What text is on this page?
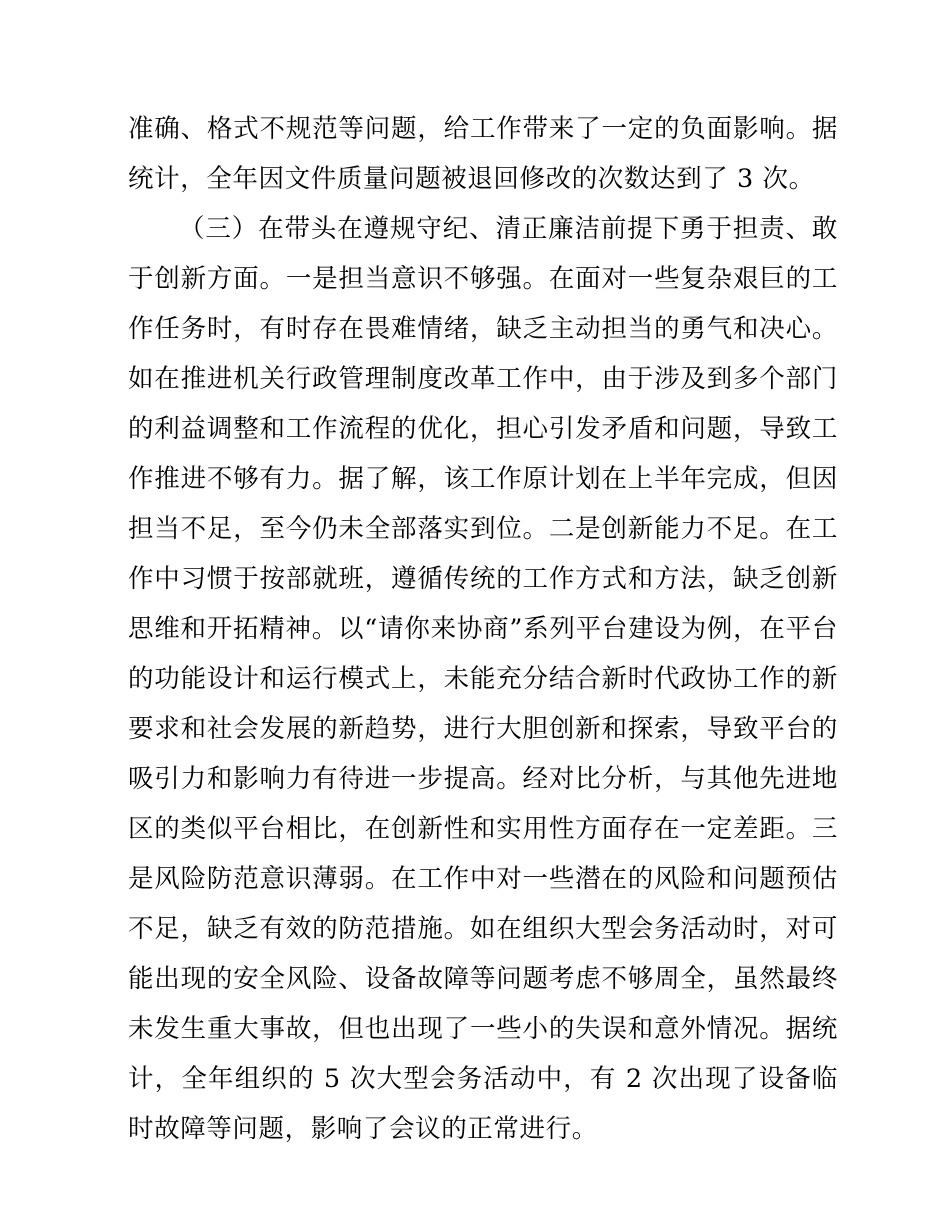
准确、格式不规范等问题，给工作带来了一定的负面影响。据统计，全年因文件质量问题被退回修改的次数达到了 3 次。

（三）在带头在遵规守纪、清正廉洁前提下勇于担责、敢于创新方面。一是担当意识不够强。在面对一些复杂艰巨的工作任务时，有时存在畏难情绪，缺乏主动担当的勇气和决心。如在推进机关行政管理制度改革工作中，由于涉及到多个部门的利益调整和工作流程的优化，担心引发矛盾和问题，导致工作推进不够有力。据了解，该工作原计划在上半年完成，但因担当不足，至今仍未全部落实到位。二是创新能力不足。在工作中习惯于按部就班，遵循传统的工作方式和方法，缺乏创新思维和开拓精神。以“请你来协商”系列平台建设为例，在平台的功能设计和运行模式上，未能充分结合新时代政协工作的新要求和社会发展的新趋势，进行大胆创新和探索，导致平台的吸引力和影响力有待进一步提高。经对比分析，与其他先进地区的类似平台相比，在创新性和实用性方面存在一定差距。三是风险防范意识薄弱。在工作中对一些潜在的风险和问题预估不足，缺乏有效的防范措施。如在组织大型会务活动时，对可能出现的安全风险、设备故障等问题考虑不够周全，虽然最终未发生重大事故，但也出现了一些小的失误和意外情况。据统计，全年组织的 5 次大型会务活动中，有 2 次出现了设备临时故障等问题，影响了会议的正常进行。
